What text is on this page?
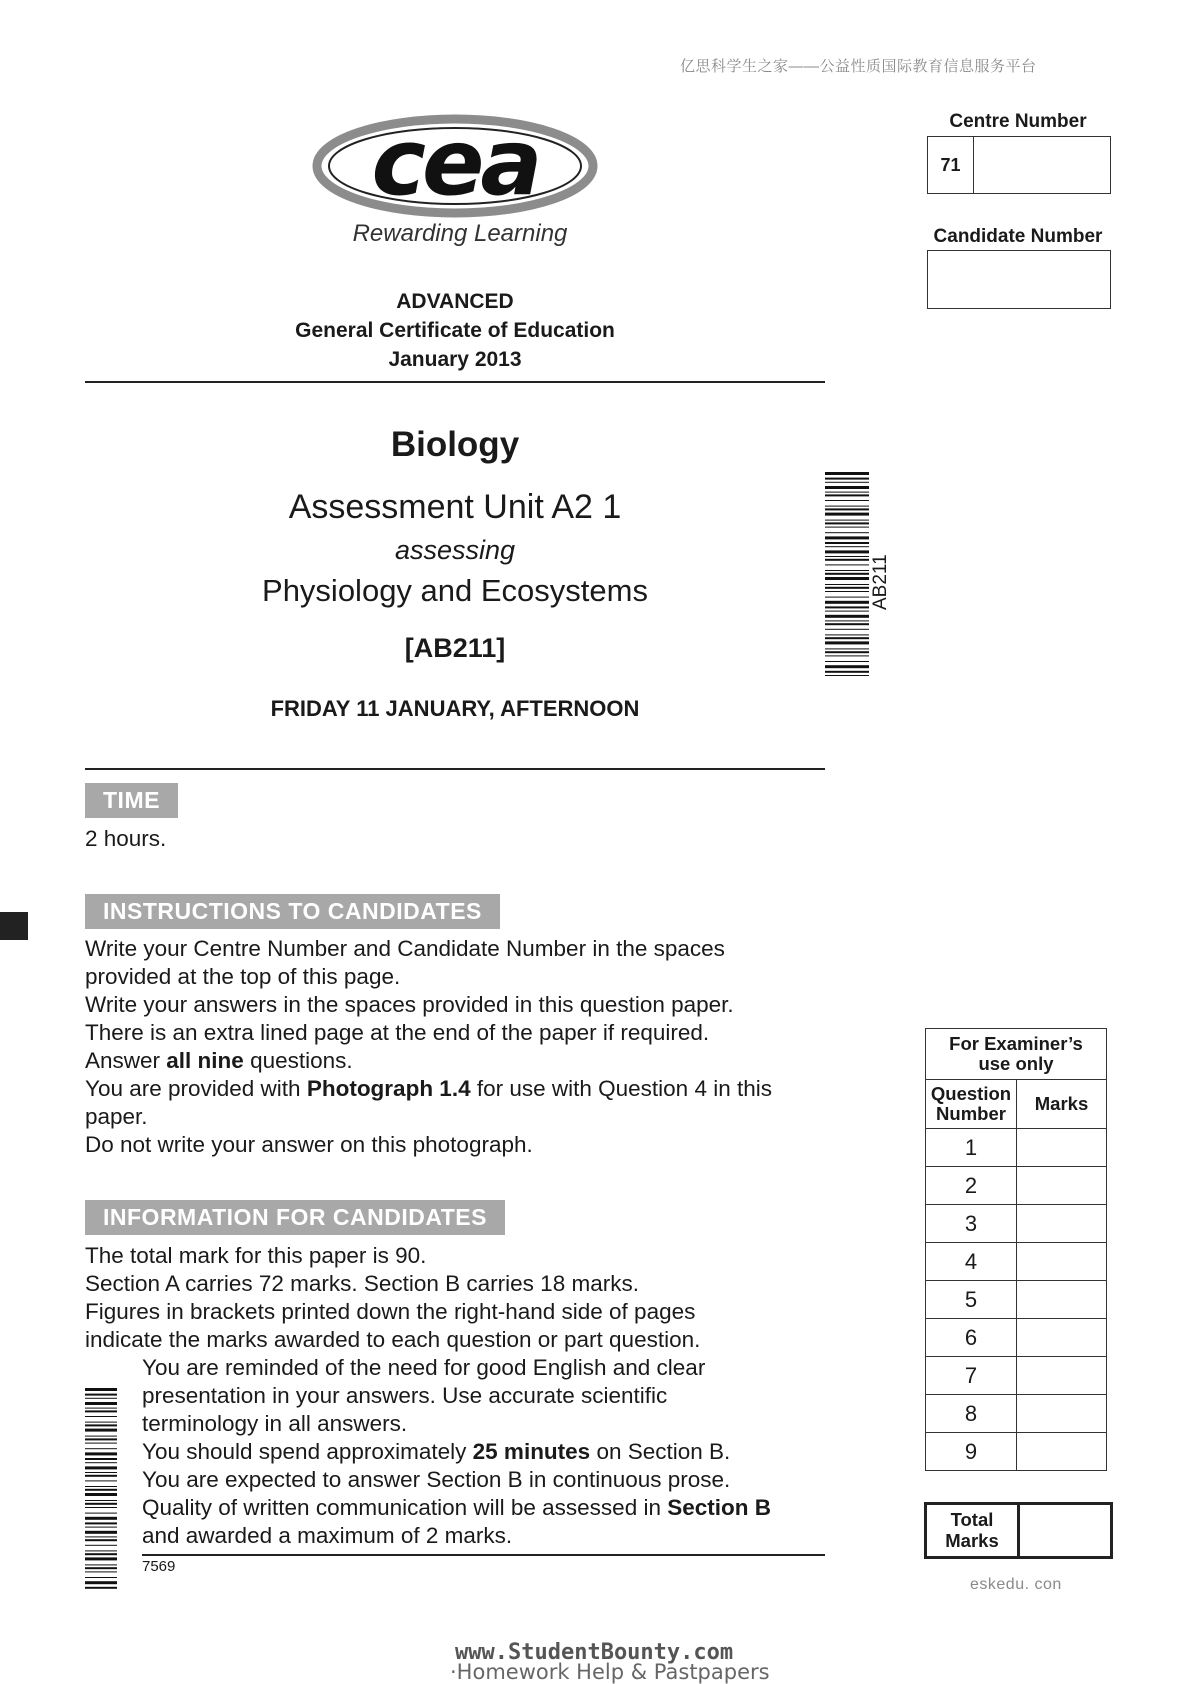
亿思科学生之家——公益性质国际教育信息服务平台
cea
Rewarding Learning
ADVANCED
General Certificate of Education
January 2013
Biology
Assessment Unit A2 1
assessing
Physiology and Ecosystems
[AB211]
FRIDAY 11 JANUARY, AFTERNOON
AB211
Centre Number
71
Candidate Number
TIME
2 hours.
INSTRUCTIONS TO CANDIDATES
Write your Centre Number and Candidate Number in the spaces
provided at the top of this page.
Write your answers in the spaces provided in this question paper.
There is an extra lined page at the end of the paper if required.
Answer all nine questions.
You are provided with Photograph 1.4 for use with Question 4 in this
paper.
Do not write your answer on this photograph.
INFORMATION FOR CANDIDATES
The total mark for this paper is 90.
Section A carries 72 marks. Section B carries 18 marks.
Figures in brackets printed down the right-hand side of pages
indicate the marks awarded to each question or part question.
You are reminded of the need for good English and clear
presentation in your answers. Use accurate scientific
terminology in all answers.
You should spend approximately 25 minutes on Section B.
You are expected to answer Section B in continuous prose.
Quality of written communication will be assessed in Section B
and awarded a maximum of 2 marks.
7569
For Examiner’s
use only	

Question
Number	Marks
1	
2	
3	
4	
5	
6	
7	
8	
9	
Total
Marks
eskedu. con
www.StudentBounty.com
·Homework Help & Pastpapers
